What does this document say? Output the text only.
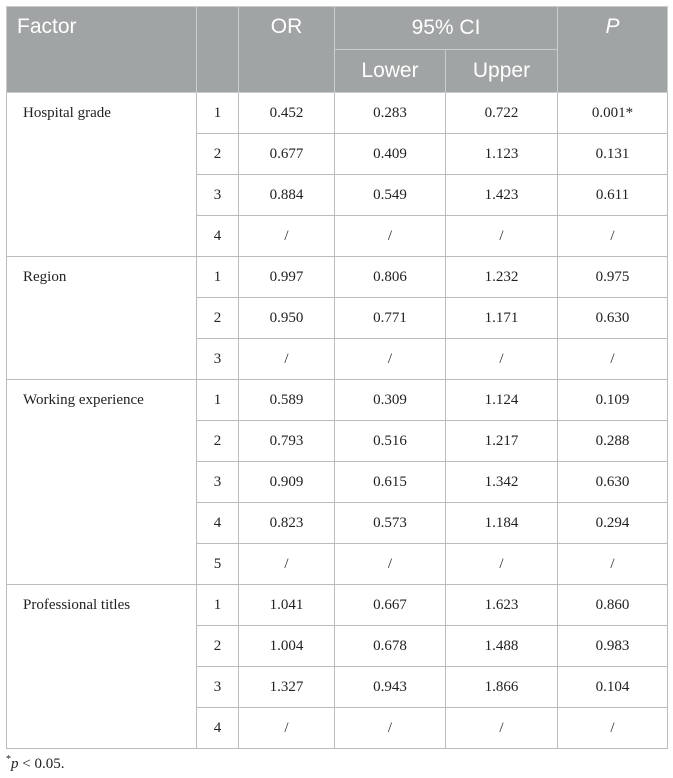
Factor		OR	95% CI		P
			Lower	Upper	
Hospital grade	1	0.452	0.283	0.722	0.001*
	2	0.677	0.409	1.123	0.131
	3	0.884	0.549	1.423	0.611
	4	/	/	/	/
Region	1	0.997	0.806	1.232	0.975
	2	0.950	0.771	1.171	0.630
	3	/	/	/	/
Working experience	1	0.589	0.309	1.124	0.109
	2	0.793	0.516	1.217	0.288
	3	0.909	0.615	1.342	0.630
	4	0.823	0.573	1.184	0.294
	5	/	/	/	/
Professional titles	1	1.041	0.667	1.623	0.860
	2	1.004	0.678	1.488	0.983
	3	1.327	0.943	1.866	0.104
	4	/	/	/	/
*p < 0.05.
